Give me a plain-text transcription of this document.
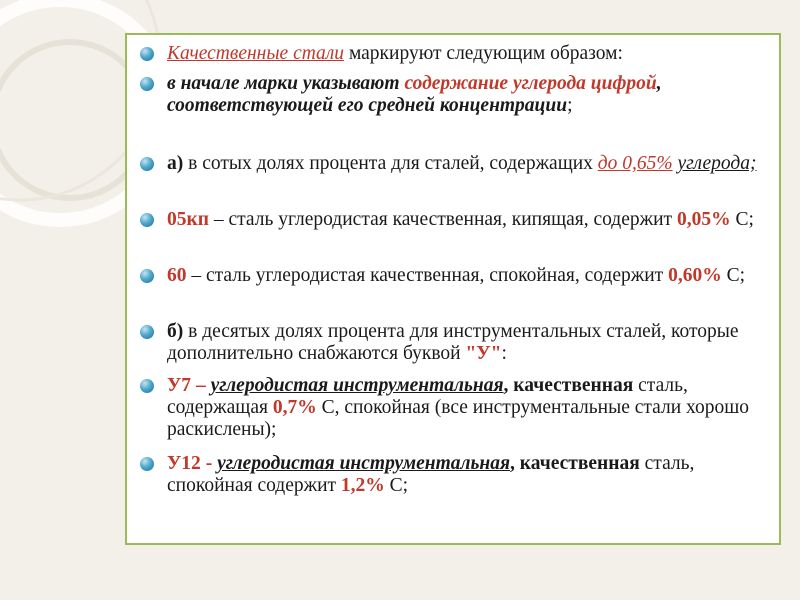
Качественные стали маркируют следующим образом:
в начале марки указывают содержание углерода цифрой, соответствующей его средней концентрации;
а) в сотых долях процента для сталей, содержащих до 0,65% углерода;
05кп – сталь углеродистая качественная, кипящая, содержит 0,05% С;
60 – сталь углеродистая качественная, спокойная, содержит 0,60% С;
б) в десятых долях процента для инструментальных сталей, которые дополнительно снабжаются буквой "У":
У7 – углеродистая инструментальная, качественная сталь, содержащая 0,7% С, спокойная (все инструментальные стали хорошо раскислены);
У12 - углеродистая инструментальная, качественная сталь, спокойная содержит 1,2% С;
